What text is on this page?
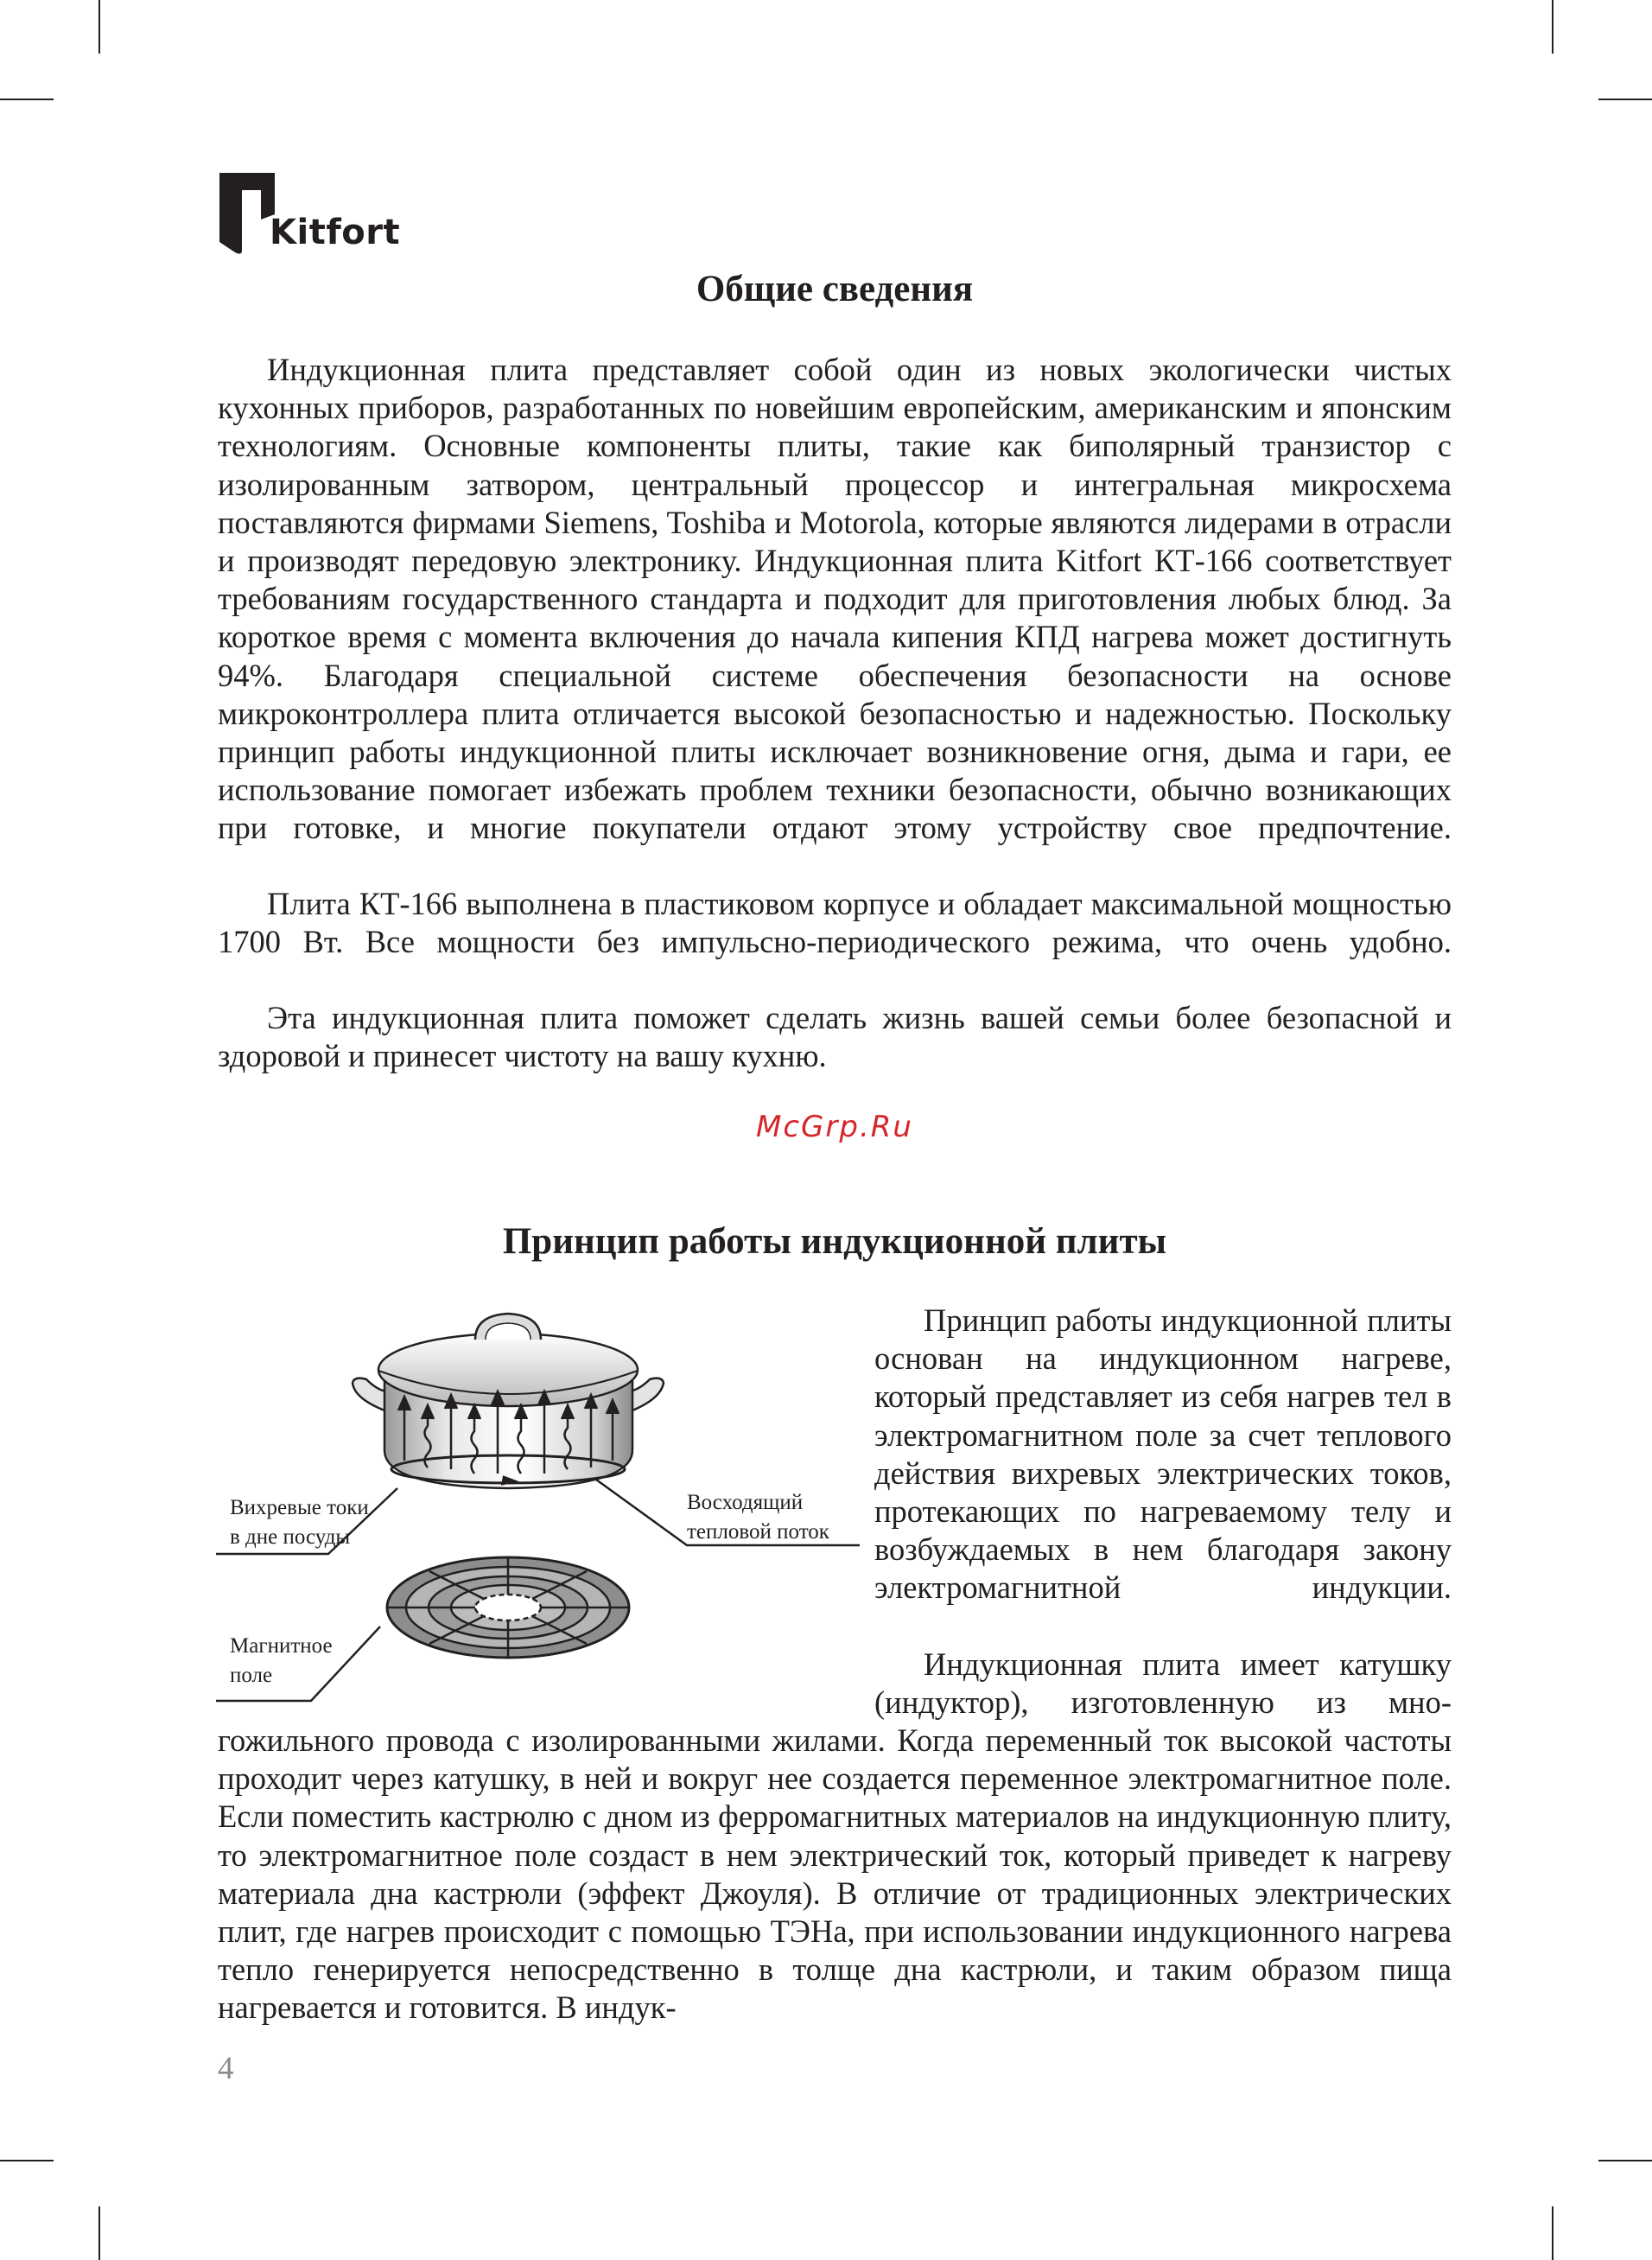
Kitfort
Общие сведения

Индукционная плита представляет собой один из новых экологически чистых кухонных приборов, разработанных по новейшим европейским, американским и японским технологиям. Основные компоненты плиты, такие как биполярный транзистор с изолированным затвором, центральный процессор и интегральная микросхема поставляются фирмами Siemens, Toshiba и Motorola, которые являются лидерами в отрасли и производят передовую электронику. Индукционная плита Kitfort КТ-166 соответствует требованиям государственного стандарта и подходит для приготовления любых блюд. За короткое время с момента включения до начала кипения КПД нагрева может достигнуть 94%. Благодаря специальной системе обеспечения безопасности на основе микроконтроллера плита отличается высокой безопасностью и надежностью. Поскольку принцип работы индукционной плиты исключает возникновение огня, дыма и гари, ее использование помогает избежать проблем техники безопасности, обычно возникающих при готовке, и многие покупатели отдают этому устройству свое предпочтение.

Плита КТ-166 выполнена в пластиковом корпусе и обладает максимальной мощностью 1700 Вт. Все мощности без импульсно-периодического режима, что очень удобно.

Эта индукционная плита поможет сделать жизнь вашей семьи более безопасной и здоровой и принесет чистоту на вашу кухню.

McGrp.Ru
Принцип работы индукционной плиты

Принцип работы индукционной плиты основан на индукционном нагреве, который представляет из себя нагрев тел в электромагнитном поле за счет теплового действия вихревых электрических токов, протекающих по нагреваемому телу и возбуждаемых в нем благодаря закону электромагнитной индукции.

Индукционная плита имеет катушку (индуктор), изготовленную из мно-

гожильного провода с изолированными жилами. Когда переменный ток высокой частоты проходит через катушку, в ней и вокруг нее создается переменное электромагнитное поле. Если поместить кастрюлю с дном из ферромагнитных материалов на индукционную плиту, то электромагнитное поле создаст в нем электрический ток, который приведет к нагреву материала дна кастрюли (эффект Джоуля). В отличие от традиционных электрических плит, где нагрев происходит с помощью ТЭНа, при использовании индукционного нагрева тепло генерируется непосредственно в толще дна кастрюли, и таким образом пища нагревается и готовится. В индук-

Вихревые токи
в дне посуды
Восходящий
тепловой поток
Магнитное
поле
4
